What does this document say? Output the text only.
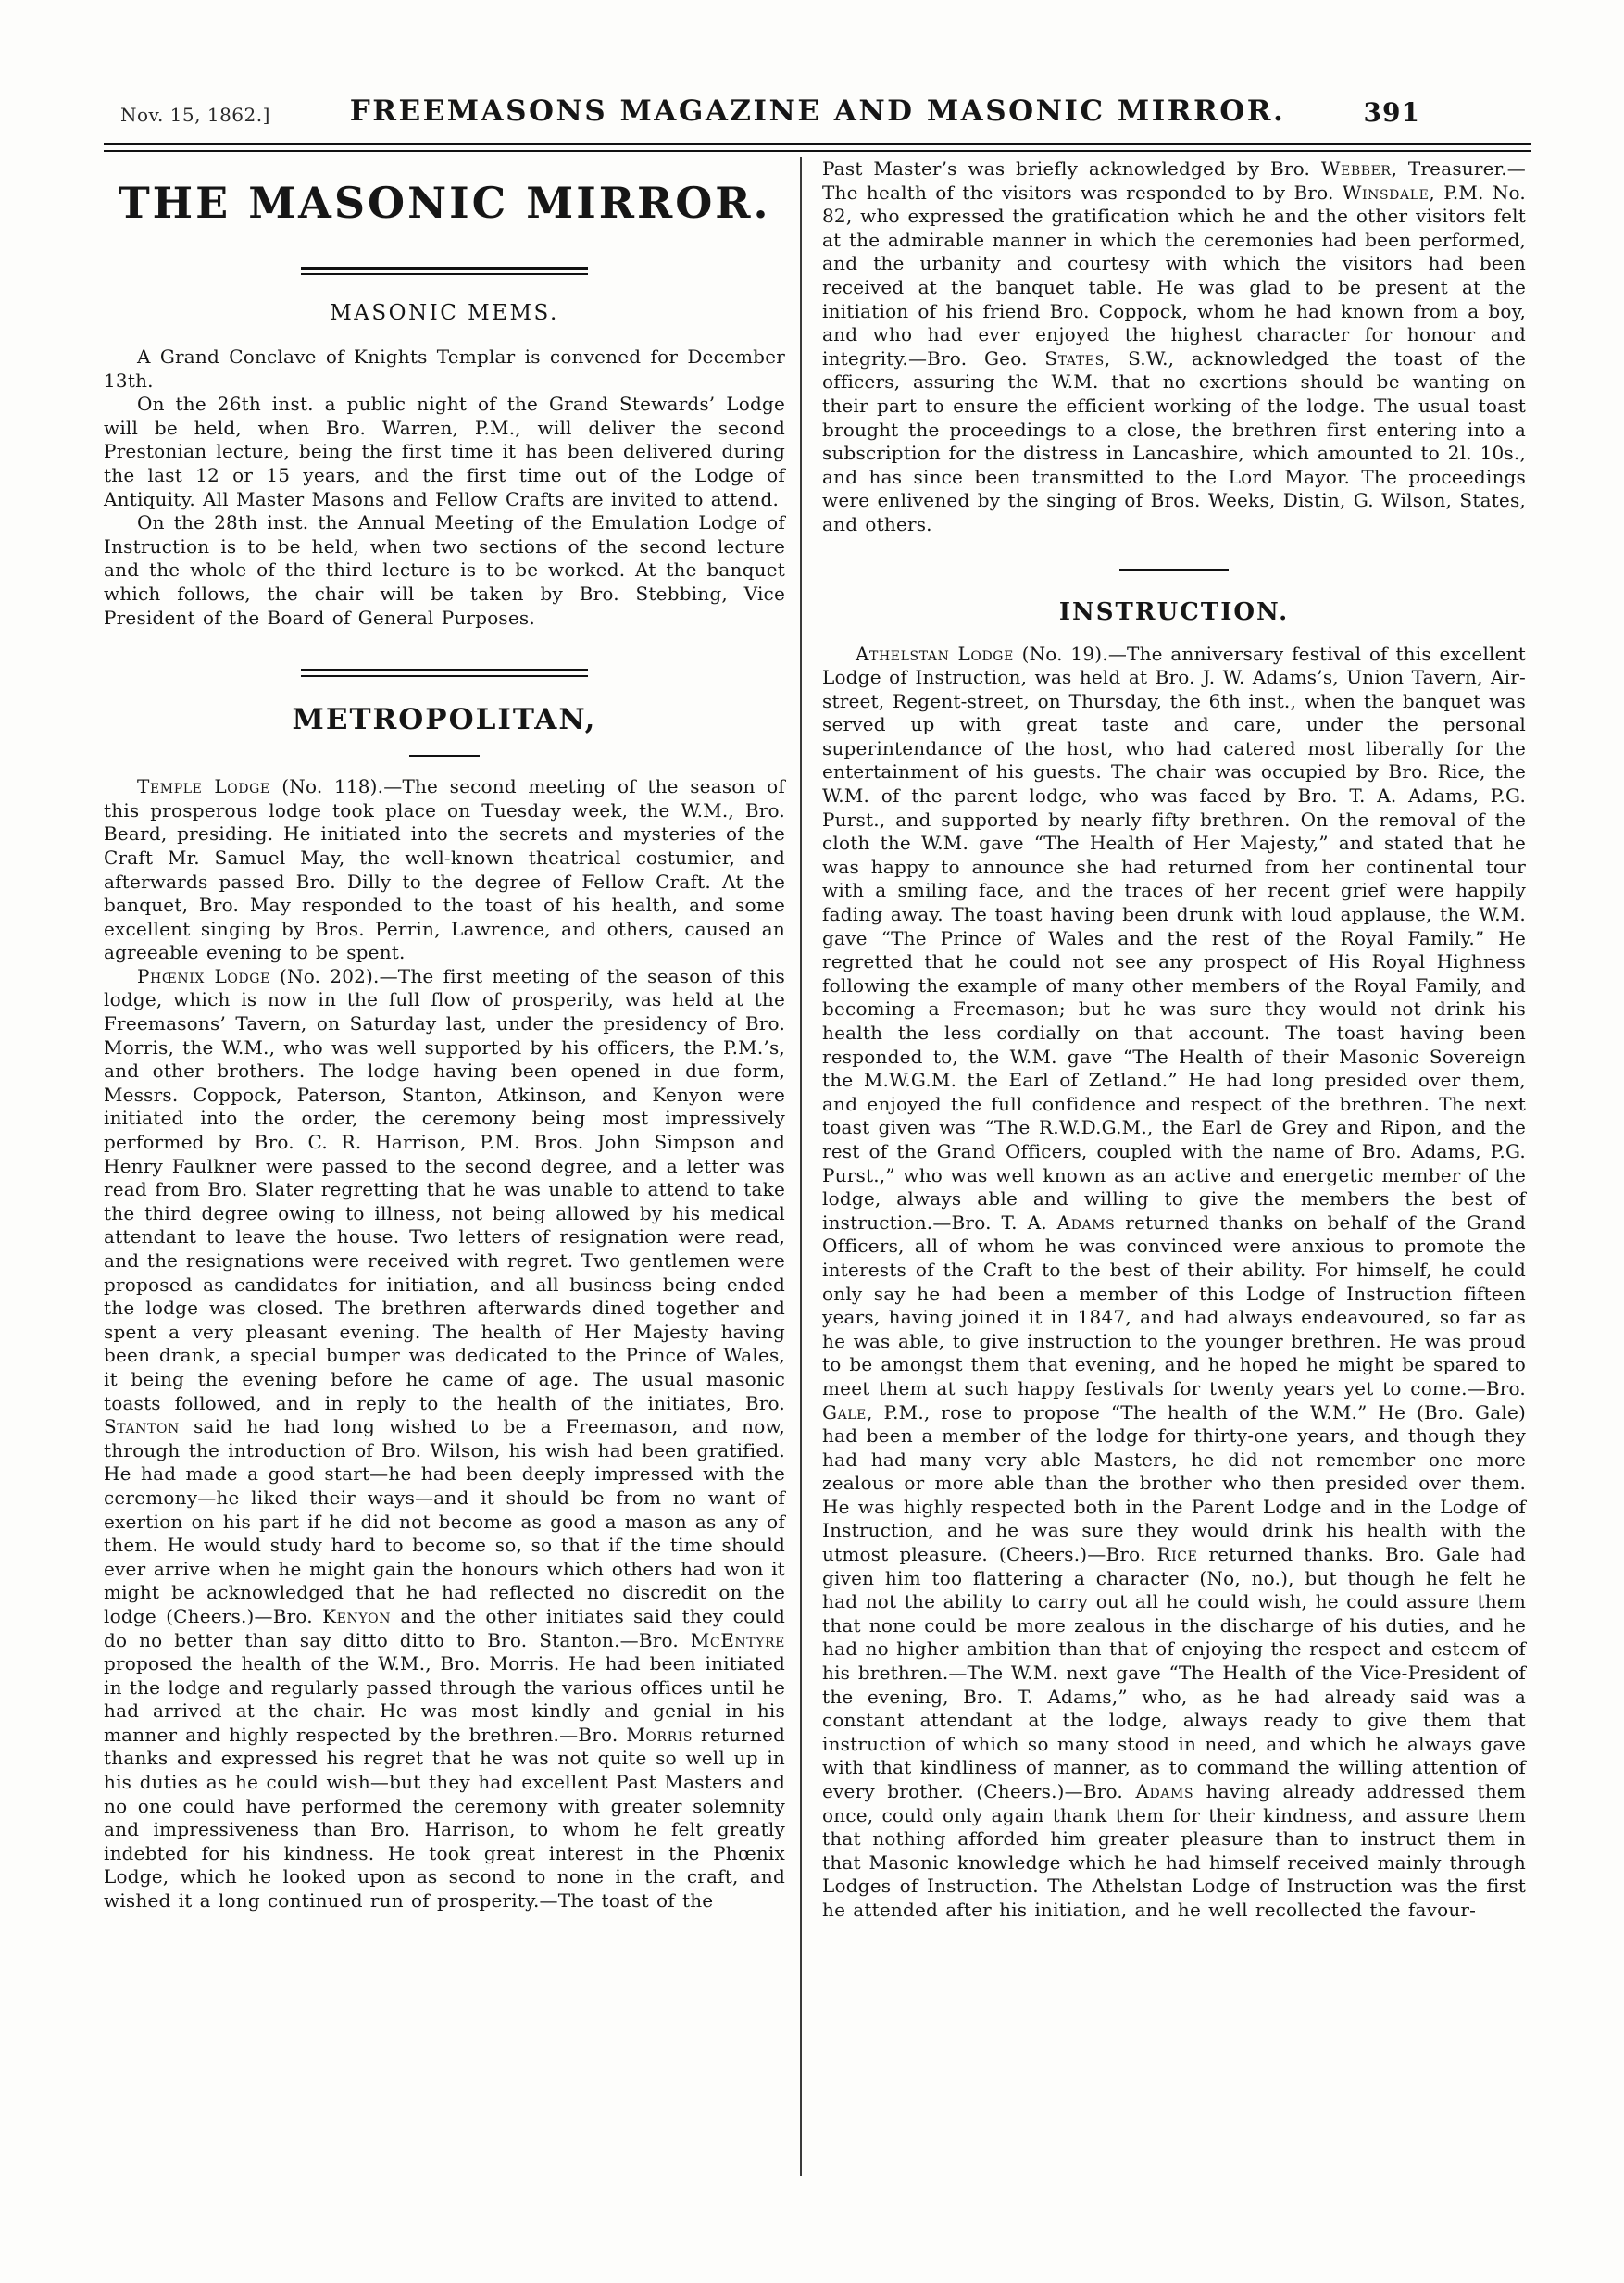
Nov. 15, 1862.]	FREEMASONS MAGAZINE AND MASONIC MIRROR.	391
THE MASONIC MIRROR.
MASONIC MEMS.

A Grand Conclave of Knights Templar is convened for December 13th.

On the 26th inst. a public night of the Grand Stewards’ Lodge will be held, when Bro. Warren, P.M., will deliver the second Prestonian lecture, being the first time it has been delivered during the last 12 or 15 years, and the first time out of the Lodge of Antiquity. All Master Masons and Fellow Crafts are invited to attend.

On the 28th inst. the Annual Meeting of the Emulation Lodge of Instruction is to be held, when two sections of the second lecture and the whole of the third lecture is to be worked. At the banquet which follows, the chair will be taken by Bro. Stebbing, Vice President of the Board of General Purposes.

METROPOLITAN,

Temple Lodge (No. 118).—The second meeting of the season of this prosperous lodge took place on Tuesday week, the W.M., Bro. Beard, presiding. He initiated into the secrets and mysteries of the Craft Mr. Samuel May, the well-known theatrical costumier, and afterwards passed Bro. Dilly to the degree of Fellow Craft. At the banquet, Bro. May responded to the toast of his health, and some excellent singing by Bros. Perrin, Lawrence, and others, caused an agreeable evening to be spent.

Phœnix Lodge (No. 202).—The first meeting of the season of this lodge, which is now in the full flow of prosperity, was held at the Freemasons’ Tavern, on Saturday last, under the presidency of Bro. Morris, the W.M., who was well supported by his officers, the P.M.’s, and other brothers. The lodge having been opened in due form, Messrs. Coppock, Paterson, Stanton, Atkinson, and Kenyon were initiated into the order, the ceremony being most impressively performed by Bro. C. R. Harrison, P.M. Bros. John Simpson and Henry Faulkner were passed to the second degree, and a letter was read from Bro. Slater regretting that he was unable to attend to take the third degree owing to illness, not being allowed by his medical attendant to leave the house. Two letters of resignation were read, and the resignations were received with regret. Two gentlemen were proposed as candidates for initiation, and all business being ended the lodge was closed. The brethren afterwards dined together and spent a very pleasant evening. The health of Her Majesty having been drank, a special bumper was dedicated to the Prince of Wales, it being the evening before he came of age. The usual masonic toasts followed, and in reply to the health of the initiates, Bro. Stanton said he had long wished to be a Freemason, and now, through the introduction of Bro. Wilson, his wish had been gratified. He had made a good start—he had been deeply impressed with the ceremony—he liked their ways—and it should be from no want of exertion on his part if he did not become as good a mason as any of them. He would study hard to become so, so that if the time should ever arrive when he might gain the honours which others had won it might be acknowledged that he had reflected no discredit on the lodge (Cheers.)—Bro. Kenyon and the other initiates said they could do no better than say ditto ditto to Bro. Stanton.—Bro. McEntyre proposed the health of the W.M., Bro. Morris. He had been initiated in the lodge and regularly passed through the various offices until he had arrived at the chair. He was most kindly and genial in his manner and highly respected by the brethren.—Bro. Morris returned thanks and expressed his regret that he was not quite so well up in his duties as he could wish—but they had excellent Past Masters and no one could have performed the ceremony with greater solemnity and impressiveness than Bro. Harrison, to whom he felt greatly indebted for his kindness. He took great interest in the Phœnix Lodge, which he looked upon as second to none in the craft, and wished it a long continued run of prosperity.—The toast of the

Past Master’s was briefly acknowledged by Bro. Webber, Treasurer.—The health of the visitors was responded to by Bro. Winsdale, P.M. No. 82, who expressed the gratification which he and the other visitors felt at the admirable manner in which the ceremonies had been performed, and the urbanity and courtesy with which the visitors had been received at the banquet table. He was glad to be present at the initiation of his friend Bro. Coppock, whom he had known from a boy, and who had ever enjoyed the highest character for honour and integrity.—Bro. Geo. States, S.W., acknowledged the toast of the officers, assuring the W.M. that no exertions should be wanting on their part to ensure the efficient working of the lodge. The usual toast brought the proceedings to a close, the brethren first entering into a subscription for the distress in Lancashire, which amounted to 2l. 10s., and has since been transmitted to the Lord Mayor. The proceedings were enlivened by the singing of Bros. Weeks, Distin, G. Wilson, States, and others.

INSTRUCTION.

Athelstan Lodge (No. 19).—The anniversary festival of this excellent Lodge of Instruction, was held at Bro. J. W. Adams’s, Union Tavern, Air-street, Regent-street, on Thursday, the 6th inst., when the banquet was served up with great taste and care, under the personal superintendance of the host, who had catered most liberally for the entertainment of his guests. The chair was occupied by Bro. Rice, the W.M. of the parent lodge, who was faced by Bro. T. A. Adams, P.G. Purst., and supported by nearly fifty brethren. On the removal of the cloth the W.M. gave “The Health of Her Majesty,” and stated that he was happy to announce she had returned from her continental tour with a smiling face, and the traces of her recent grief were happily fading away. The toast having been drunk with loud applause, the W.M. gave “The Prince of Wales and the rest of the Royal Family.” He regretted that he could not see any prospect of His Royal Highness following the example of many other members of the Royal Family, and becoming a Freemason; but he was sure they would not drink his health the less cordially on that account. The toast having been responded to, the W.M. gave “The Health of their Masonic Sovereign the M.W.G.M. the Earl of Zetland.” He had long presided over them, and enjoyed the full confidence and respect of the brethren. The next toast given was “The R.W.D.G.M., the Earl de Grey and Ripon, and the rest of the Grand Officers, coupled with the name of Bro. Adams, P.G. Purst.,” who was well known as an active and energetic member of the lodge, always able and willing to give the members the best of instruction.—Bro. T. A. Adams returned thanks on behalf of the Grand Officers, all of whom he was convinced were anxious to promote the interests of the Craft to the best of their ability. For himself, he could only say he had been a member of this Lodge of Instruction fifteen years, having joined it in 1847, and had always endeavoured, so far as he was able, to give instruction to the younger brethren. He was proud to be amongst them that evening, and he hoped he might be spared to meet them at such happy festivals for twenty years yet to come.—Bro. Gale, P.M., rose to propose “The health of the W.M.” He (Bro. Gale) had been a member of the lodge for thirty-one years, and though they had had many very able Masters, he did not remember one more zealous or more able than the brother who then presided over them. He was highly respected both in the Parent Lodge and in the Lodge of Instruction, and he was sure they would drink his health with the utmost pleasure. (Cheers.)—Bro. Rice returned thanks. Bro. Gale had given him too flattering a character (No, no.), but though he felt he had not the ability to carry out all he could wish, he could assure them that none could be more zealous in the discharge of his duties, and he had no higher ambition than that of enjoying the respect and esteem of his brethren.—The W.M. next gave “The Health of the Vice-President of the evening, Bro. T. Adams,” who, as he had already said was a constant attendant at the lodge, always ready to give them that instruction of which so many stood in need, and which he always gave with that kindliness of manner, as to command the willing attention of every brother. (Cheers.)—Bro. Adams having already addressed them once, could only again thank them for their kindness, and assure them that nothing afforded him greater pleasure than to instruct them in that Masonic knowledge which he had himself received mainly through Lodges of Instruction. The Athelstan Lodge of Instruction was the first he attended after his initiation, and he well recollected the favour-
